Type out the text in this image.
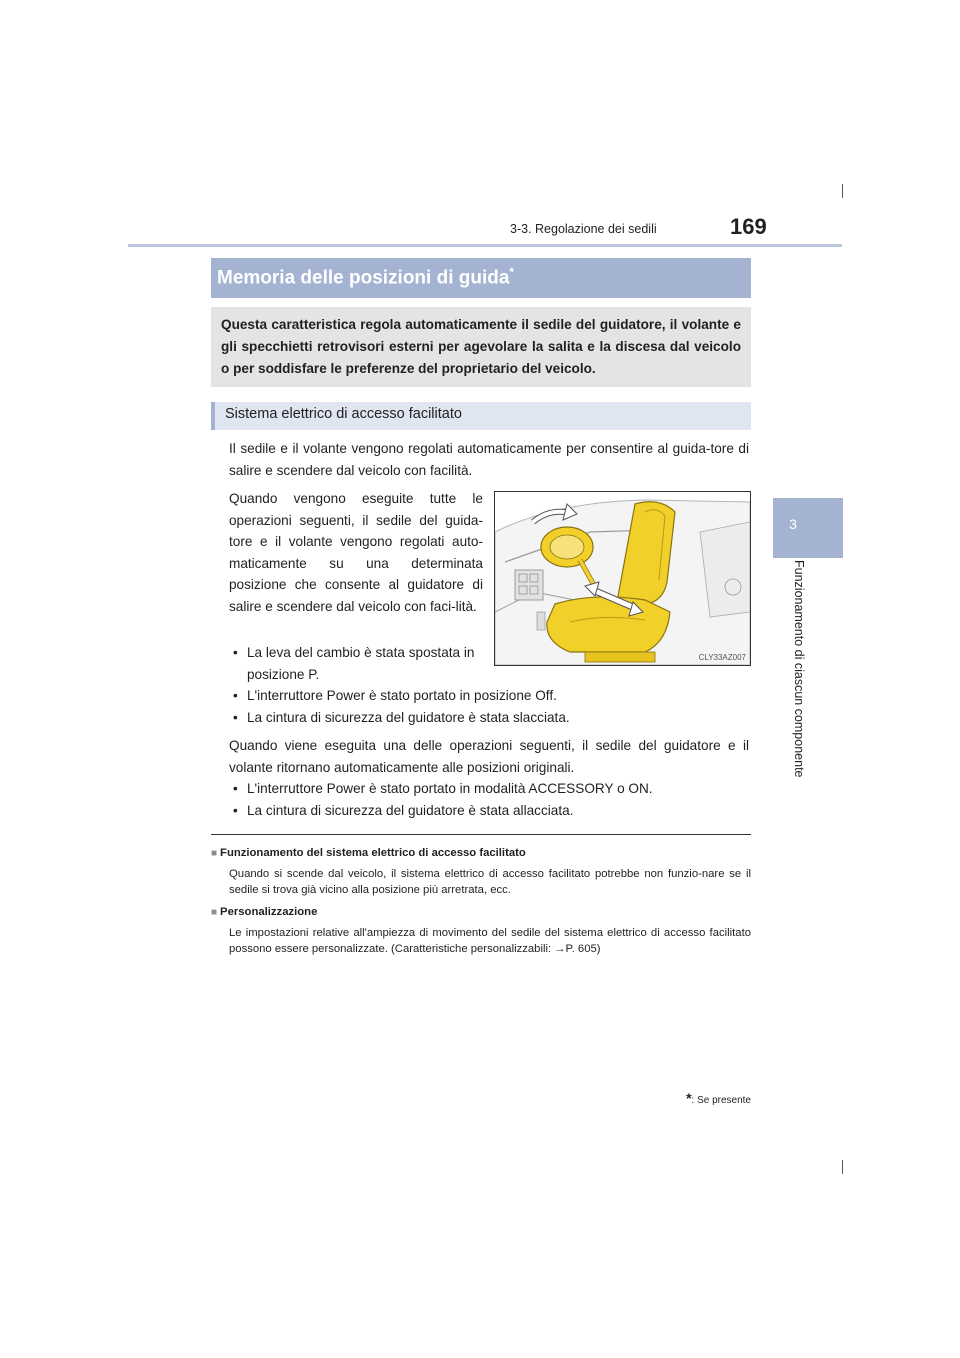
3-3. Regolazione dei sedili	169
3
Funzionamento di ciascun componente
Memoria delle posizioni di guida*
Questa caratteristica regola automaticamente il sedile del guidatore, il volante e gli specchietti retrovisori esterni per agevolare la salita e la discesa dal veicolo o per soddisfare le preferenze del proprietario del veicolo.
Sistema elettrico di accesso facilitato
Il sedile e il volante vengono regolati automaticamente per consentire al guida-tore di salire e scendere dal veicolo con facilità.
Quando vengono eseguite tutte le operazioni seguenti, il sedile del guida-tore e il volante vengono regolati auto-maticamente su una determinata posizione che consente al guidatore di salire e scendere dal veicolo con faci-lità.
• La leva del cambio è stata spostata in posizione P.
• L'interruttore Power è stato portato in posizione Off.
• La cintura di sicurezza del guidatore è stata slacciata.
Quando viene eseguita una delle operazioni seguenti, il sedile del guidatore e il volante ritornano automaticamente alle posizioni originali.
• L'interruttore Power è stato portato in modalità ACCESSORY o ON.
• La cintura di sicurezza del guidatore è stata allacciata.
CLY33AZ007
■ Funzionamento del sistema elettrico di accesso facilitato
Quando si scende dal veicolo, il sistema elettrico di accesso facilitato potrebbe non funzio-nare se il sedile si trova già vicino alla posizione più arretrata, ecc.
■ Personalizzazione
Le impostazioni relative all'ampiezza di movimento del sedile del sistema elettrico di accesso facilitato possono essere personalizzate. (Caratteristiche personalizzabili: →P. 605)
*: Se presente
